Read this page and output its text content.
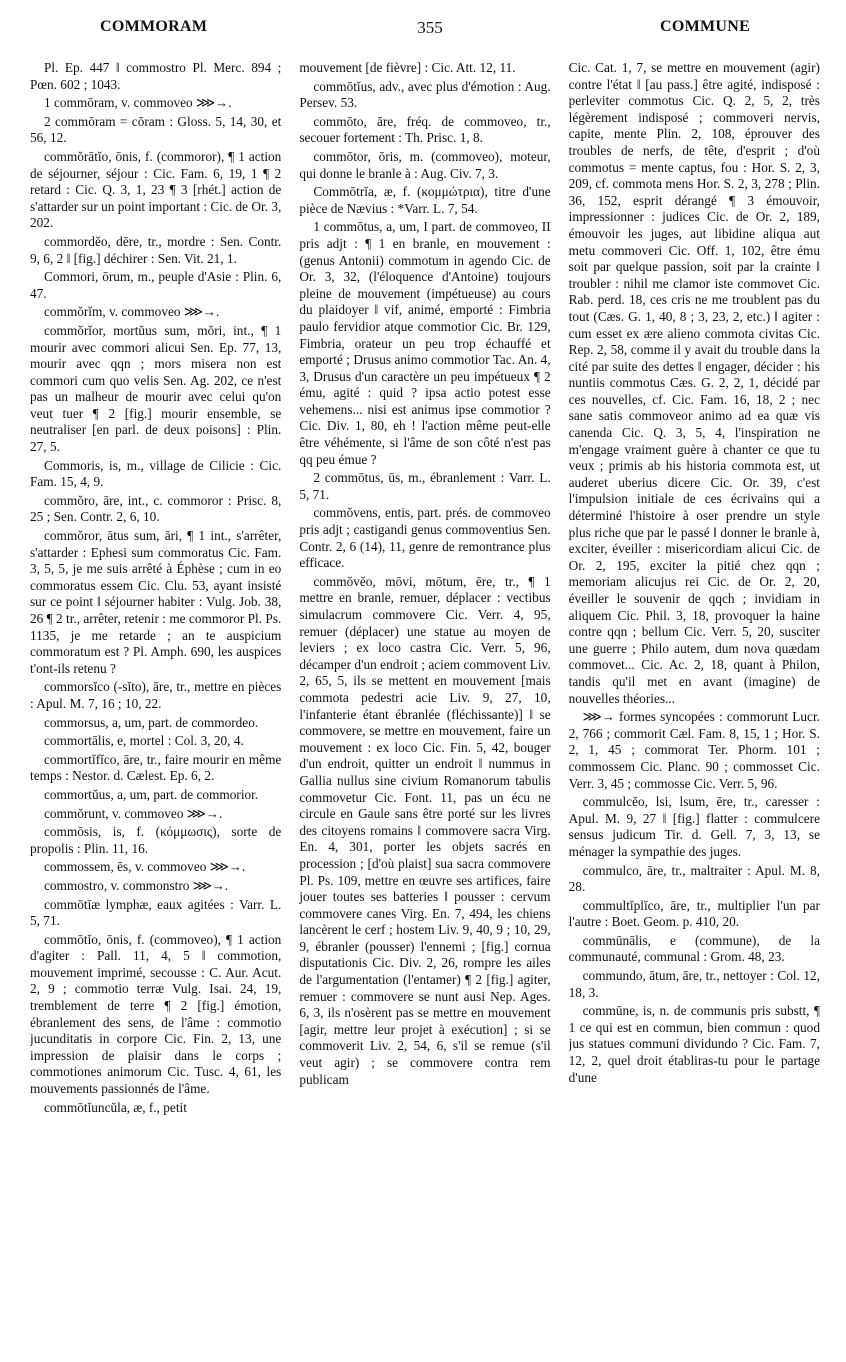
COMMORAM	355	COMMUNE

Pl. Ep. 447 ‖ commostro Pl. Merc. 894 ; Pœn. 602 ; 1043.

1 commōram, v. commoveo ⋙→.

2 commōram = cōram : Gloss. 5, 14, 30, et 56, 12.

commŏrātĭo, ōnis, f. (commoror), ¶ 1 action de séjourner, séjour : Cic. Fam. 6, 19, 1 ¶ 2 retard : Cic. Q. 3, 1, 23 ¶ 3 [rhét.] action de s'attarder sur un point important : Cic. de Or. 3, 202.

commordĕo, dēre, tr., mordre : Sen. Contr. 9, 6, 2 ‖ [fig.] déchirer : Sen. Vit. 21, 1.

Commori, ōrum, m., peuple d'Asie : Plin. 6, 47.

commŏrĭm, v. commoveo ⋙→.

commŏrĭor, mortŭus sum, mŏri, int., ¶ 1 mourir avec commori alicui Sen. Ep. 77, 13, mourir avec qqn ; mors misera non est commori cum quo velis Sen. Ag. 202, ce n'est pas un malheur de mourir avec celui qu'on veut tuer ¶ 2 [fig.] mourir ensemble, se neutraliser [en parl. de deux poisons] : Plin. 27, 5.

Commoris, is, m., village de Cilicie : Cic. Fam. 15, 4, 9.

commŏro, āre, int., c. commoror : Prisc. 8, 25 ; Sen. Contr. 2, 6, 10.

commŏror, ātus sum, āri, ¶ 1 int., s'arrêter, s'attarder : Ephesi sum commoratus Cic. Fam. 3, 5, 5, je me suis arrêté à Éphèse ; cum in eo commoratus essem Cic. Clu. 53, ayant insisté sur ce point ‖ séjourner habiter : Vulg. Job. 38, 26 ¶ 2 tr., arrêter, retenir : me commoror Pl. Ps. 1135, je me retarde ; an te auspicium commoratum est ? Pl. Amph. 690, les auspices t'ont-ils retenu ?

commorsĭco (-sĭto), āre, tr., mettre en pièces : Apul. M. 7, 16 ; 10, 22.

commorsus, a, um, part. de commordeo.

commortālis, e, mortel : Col. 3, 20, 4.

commortĭfĭco, āre, tr., faire mourir en même temps : Nestor. d. Cælest. Ep. 6, 2.

commortŭus, a, um, part. de commorior.

commŏrunt, v. commoveo ⋙→.

commōsis, is, f. (κόμμωσις), sorte de propolis : Plin. 11, 16.

commossem, ēs, v. commoveo ⋙→.

commostro, v. commonstro ⋙→.

commōtīæ lymphæ, eaux agitées : Varr. L. 5, 71.

commōtĭo, ōnis, f. (commoveo), ¶ 1 action d'agiter : Pall. 11, 4, 5 ‖ commotion, mouvement imprimé, secousse : C. Aur. Acut. 2, 9 ; commotio terræ Vulg. Isai. 24, 19, tremblement de terre ¶ 2 [fig.] émotion, ébranlement des sens, de l'âme : commotio jucunditatis in corpore Cic. Fin. 2, 13, une impression de plaisir dans le corps ; commotiones animorum Cic. Tusc. 4, 61, les mouvements passionnés de l'âme.

commōtĭuncŭla, æ, f., petit

mouvement [de fièvre] : Cic. Att. 12, 11.

commōtĭus, adv., avec plus d'émotion : Aug. Persev. 53.

commōto, āre, fréq. de commoveo, tr., secouer fortement : Th. Prisc. 1, 8.

commōtor, ōris, m. (commoveo), moteur, qui donne le branle à : Aug. Civ. 7, 3.

Commōtrĭa, æ, f. (κομμώτρια), titre d'une pièce de Nævius : *Varr. L. 7, 54.

1 commōtus, a, um, I part. de commoveo, II pris adjt : ¶ 1 en branle, en mouvement : (genus Antonii) commotum in agendo Cic. de Or. 3, 32, (l'éloquence d'Antoine) toujours pleine de mouvement (impétueuse) au cours du plaidoyer ‖ vif, animé, emporté : Fimbria paulo fervidior atque commotior Cic. Br. 129, Fimbria, orateur un peu trop échauffé et emporté ; Drusus animo commotior Tac. An. 4, 3, Drusus d'un caractère un peu impétueux ¶ 2 ému, agité : quid ? ipsa actio potest esse vehemens... nisi est animus ipse commotior ? Cic. Div. 1, 80, eh ! l'action même peut-elle être véhémente, si l'âme de son côté n'est pas qq peu émue ?

2 commōtus, ūs, m., ébranlement : Varr. L. 5, 71.

commŏvens, entis, part. prés. de commoveo pris adjt ; castigandi genus commoventius Sen. Contr. 2, 6 (14), 11, genre de remontrance plus efficace.

commŏvĕo, mōvi, mōtum, ēre, tr., ¶ 1 mettre en branle, remuer, déplacer : vectibus simulacrum commovere Cic. Verr. 4, 95, remuer (déplacer) une statue au moyen de leviers ; ex loco castra Cic. Verr. 5, 96, décamper d'un endroit ; aciem commovent Liv. 2, 65, 5, ils se mettent en mouvement [mais commota pedestri acie Liv. 9, 27, 10, l'infanterie étant ébranlée (fléchissante)] ‖ se commovere, se mettre en mouvement, faire un mouvement : ex loco Cic. Fin. 5, 42, bouger d'un endroit, quitter un endroit ‖ nummus in Gallia nullus sine civium Romanorum tabulis commovetur Cic. Font. 11, pas un écu ne circule en Gaule sans être porté sur les livres des citoyens romains ‖ commovere sacra Virg. En. 4, 301, porter les objets sacrés en procession ; [d'où plaist] sua sacra commovere Pl. Ps. 109, mettre en œuvre ses artifices, faire jouer toutes ses batteries ‖ pousser : cervum commovere canes Virg. En. 7, 494, les chiens lancèrent le cerf ; hostem Liv. 9, 40, 9 ; 10, 29, 9, ébranler (pousser) l'ennemi ; [fig.] cornua disputationis Cic. Div. 2, 26, rompre les ailes de l'argumentation (l'entamer) ¶ 2 [fig.] agiter, remuer : commovere se nunt ausi Nep. Ages. 6, 3, ils n'osèrent pas se mettre en mouvement [agir, mettre leur projet à exécution] ; si se commoverit Liv. 2, 54, 6, s'il se remue (s'il veut agir) ; se commovere contra rem publicam

Cic. Cat. 1, 7, se mettre en mouvement (agir) contre l'état ‖ [au pass.] être agité, indisposé : perleviter commotus Cic. Q. 2, 5, 2, très légèrement indisposé ; commoveri nervis, capite, mente Plin. 2, 108, éprouver des troubles de nerfs, de tête, d'esprit ; d'où commotus = mente captus, fou : Hor. S. 2, 3, 209, cf. commota mens Hor. S. 2, 3, 278 ; Plin. 36, 152, esprit dérangé ¶ 3 émouvoir, impressionner : judices Cic. de Or. 2, 189, émouvoir les juges, aut libidine aliqua aut metu commoveri Cic. Off. 1, 102, être ému soit par quelque passion, soit par la crainte ‖ troubler : nihil me clamor iste commovet Cic. Rab. perd. 18, ces cris ne me troublent pas du tout (Cæs. G. 1, 40, 8 ; 3, 23, 2, etc.) ‖ agiter : cum esset ex ære alieno commota civitas Cic. Rep. 2, 58, comme il y avait du trouble dans la cité par suite des dettes ‖ engager, décider : his nuntiis commotus Cæs. G. 2, 2, 1, décidé par ces nouvelles, cf. Cic. Fam. 16, 18, 2 ; nec sane satis commoveor animo ad ea quæ vis canenda Cic. Q. 3, 5, 4, l'inspiration ne m'engage vraiment guère à chanter ce que tu veux ; primis ab his historia commota est, ut auderet uberius dicere Cic. Or. 39, c'est l'impulsion initiale de ces écrivains qui a déterminé l'histoire à oser prendre un style plus riche que par le passé ‖ donner le branle à, exciter, éveiller : misericordiam alicui Cic. de Or. 2, 195, exciter la pitié chez qqn ; memoriam alicujus rei Cic. de Or. 2, 20, éveiller le souvenir de qqch ; invidiam in aliquem Cic. Phil. 3, 18, provoquer la haine contre qqn ; bellum Cic. Verr. 5, 20, susciter une guerre ; Philo autem, dum nova quædam commovet... Cic. Ac. 2, 18, quant à Philon, tandis qu'il met en avant (imagine) de nouvelles théories...

⋙→ formes syncopées : commorunt Lucr. 2, 766 ; commorit Cæl. Fam. 8, 15, 1 ; Hor. S. 2, 1, 45 ; commorat Ter. Phorm. 101 ; commossem Cic. Planc. 90 ; commosset Cic. Verr. 3, 45 ; commosse Cic. Verr. 5, 96.

commulcĕo, lsi, lsum, ēre, tr., caresser : Apul. M. 9, 27 ‖ [fig.] flatter : commulcere sensus judicum Tir. d. Gell. 7, 3, 13, se ménager la sympathie des juges.

commulco, āre, tr., maltraiter : Apul. M. 8, 28.

commultĭplĭco, āre, tr., multiplier l'un par l'autre : Boet. Geom. p. 410, 20.

commūnālis, e (commune), de la communauté, communal : Grom. 48, 23.

commundo, ātum, āre, tr., nettoyer : Col. 12, 18, 3.

commūne, is, n. de communis pris substt, ¶ 1 ce qui est en commun, bien commun : quod jus statues communi dividundo ? Cic. Fam. 7, 12, 2, quel droit établiras-tu pour le partage d'une
